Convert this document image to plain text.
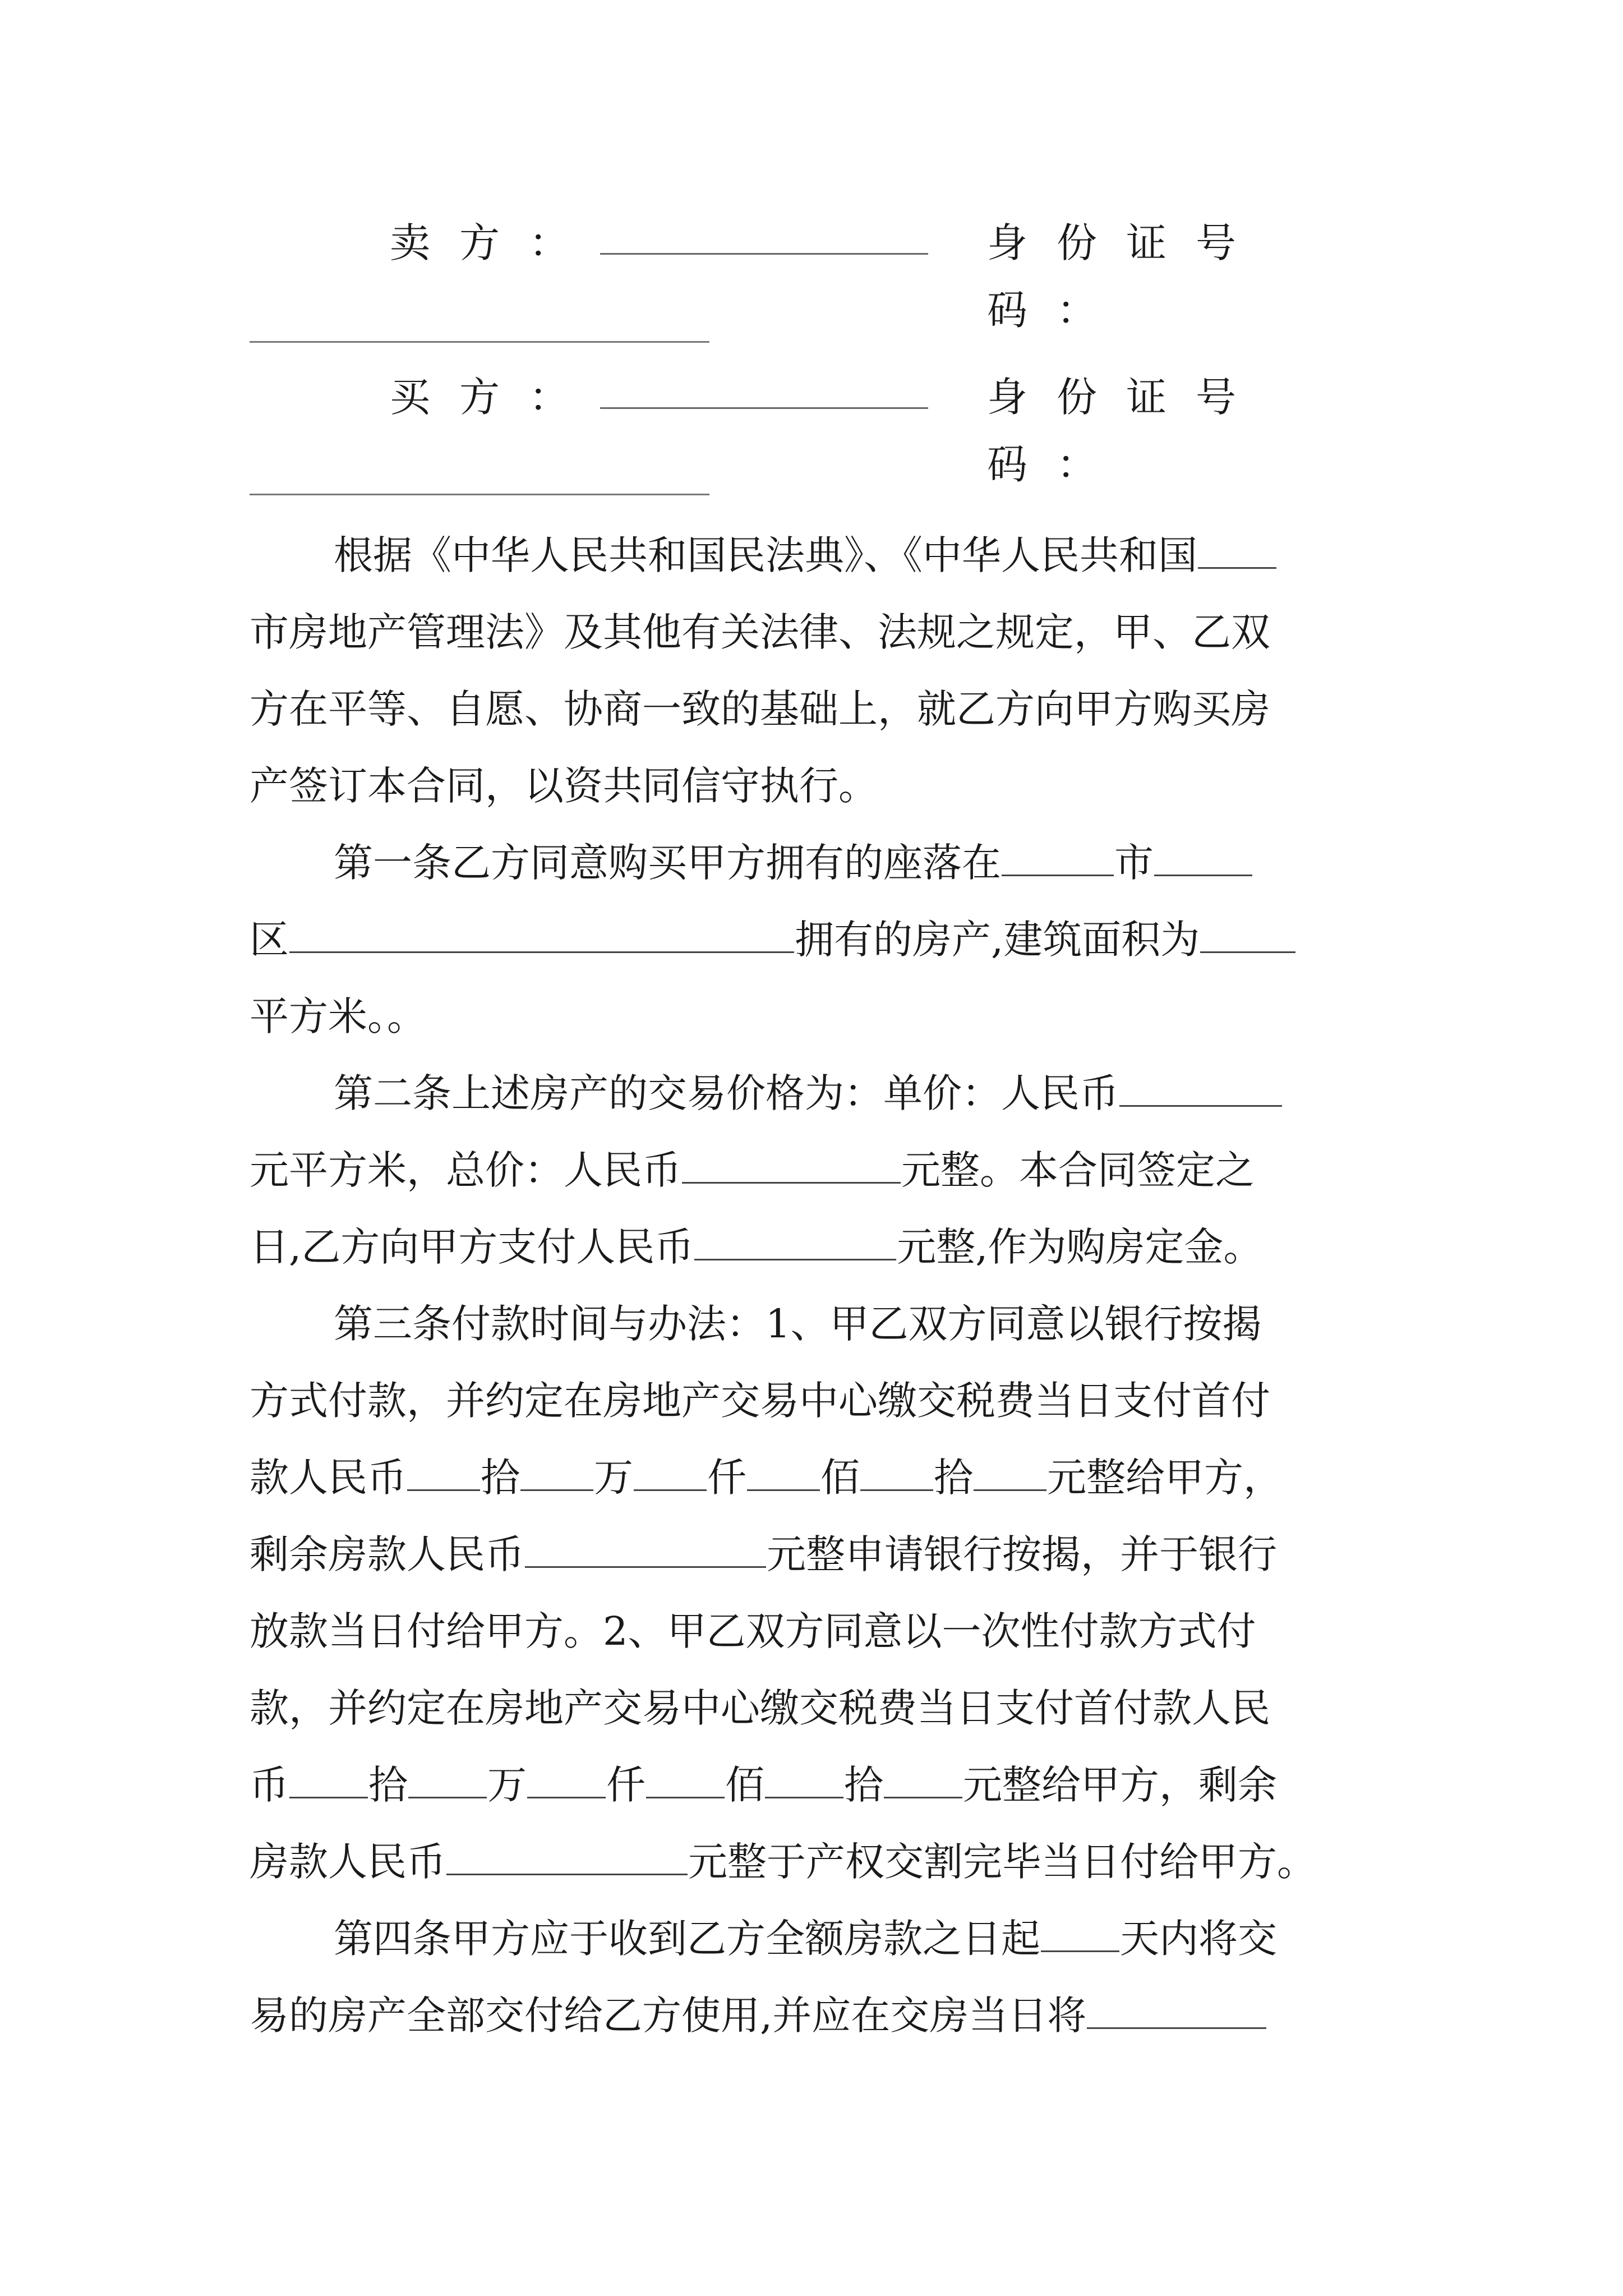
卖方：	身份证号码：
买方：	身份证号码：
根据《中华人民共和国民法典》、《中华人民共和国
市房地产管理法》及其他有关法律、法规之规定，甲、乙双
方在平等、自愿、协商一致的基础上，就乙方向甲方购买房
产签订本合同，以资共同信守执行。
第一条乙方同意购买甲方拥有的座落在	市
区	拥有的房产,建筑面积为
平方米。。
第二条上述房产的交易价格为：单价：人民币
元平方米，总价：人民币	元整。本合同签定之
日,乙方向甲方支付人民币	元整,作为购房定金。
第三条付款时间与办法：1、甲乙双方同意以银行按揭
方式付款，并约定在房地产交易中心缴交税费当日支付首付
款人民币 拾 万 仟 佰 拾 元整给甲方，
剩余房款人民币	元整申请银行按揭，并于银行
放款当日付给甲方。2、甲乙双方同意以一次性付款方式付
款，并约定在房地产交易中心缴交税费当日支付首付款人民
币 拾 万 仟 佰 拾 元整给甲方，剩余
房款人民币	元整于产权交割完毕当日付给甲方。
第四条甲方应于收到乙方全额房款之日起 天内将交
易的房产全部交付给乙方使用,并应在交房当日将
